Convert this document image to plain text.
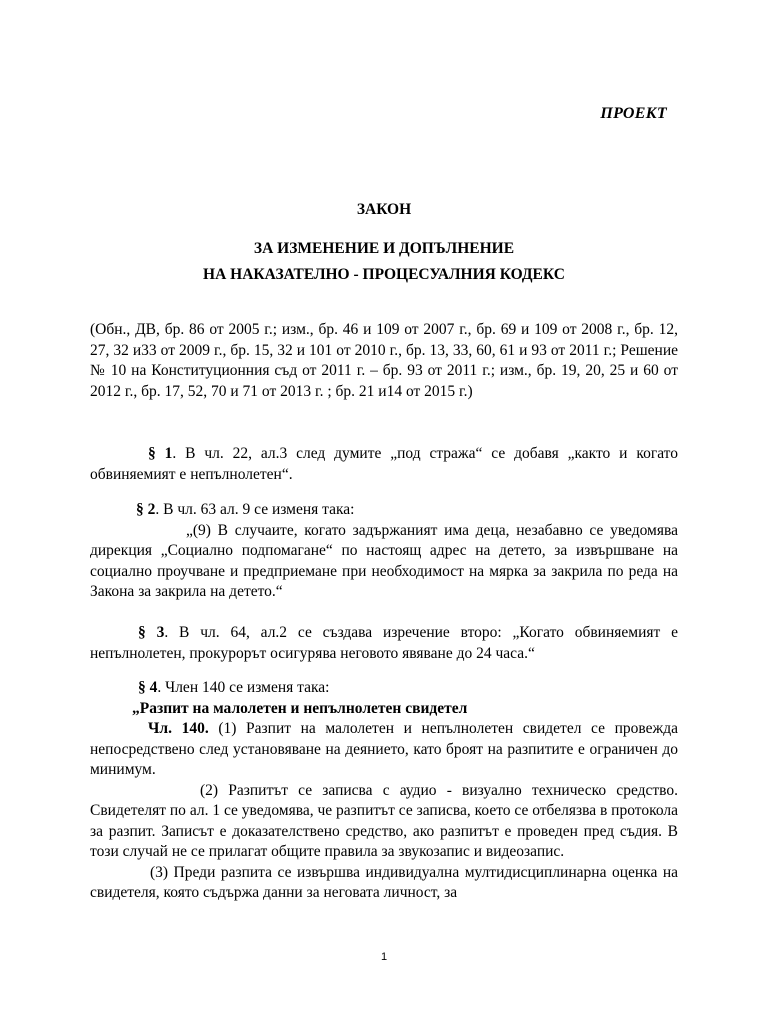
ПРОЕКТ
ЗАКОН
ЗА ИЗМЕНЕНИЕ И ДОПЪЛНЕНИЕ
НА НАКАЗАТЕЛНО - ПРОЦЕСУАЛНИЯ КОДЕКС

(Обн., ДВ, бр. 86 от 2005 г.; изм., бр. 46 и 109 от 2007 г., бр. 69 и 109 от 2008 г., бр. 12, 27, 32 и33 от 2009 г., бр. 15, 32 и 101 от 2010 г., бр. 13, 33, 60, 61 и 93 от 2011 г.; Решение № 10 на Конституционния съд от 2011 г. – бр. 93 от 2011 г.; изм., бр. 19, 20, 25 и 60 от 2012 г., бр. 17, 52, 70 и 71 от 2013 г. ; бр. 21 и14 от 2015 г.)

§ 1. В чл. 22, ал.3 след думите „под стража“ се добавя „както и когато обвиняемият е непълнолетен“.

§ 2. В чл. 63 ал. 9 се изменя така:

„(9) В случаите, когато задържаният има деца, незабавно се уведомява дирекция „Социално подпомагане“ по настоящ адрес на детето, за извършване на социално проучване и предприемане при необходимост на мярка за закрила по реда на Закона за закрила на детето.“

§ 3. В чл. 64, ал.2 се създава изречение второ: „Когато обвиняемият е непълнолетен, прокурорът осигурява неговото явяване до 24 часа.“

§ 4. Член 140 се изменя така:

„Разпит на малолетен и непълнолетен свидетел

Чл. 140. (1) Разпит на малолетен и непълнолетен свидетел се провежда непосредствено след установяване на деянието, като броят на разпитите е ограничен до минимум.

(2) Разпитът се записва с аудио - визуално техническо средство. Свидетелят по ал. 1 се уведомява, че разпитът се записва, което се отбелязва в протокола за разпит. Записът е доказателствено средство, ако разпитът е проведен пред съдия. В този случай не се прилагат общите правила за звукозапис и видеозапис.

(3) Преди разпита се извършва индивидуална мултидисциплинарна оценка на свидетеля, която съдържа данни за неговата личност, за

1
